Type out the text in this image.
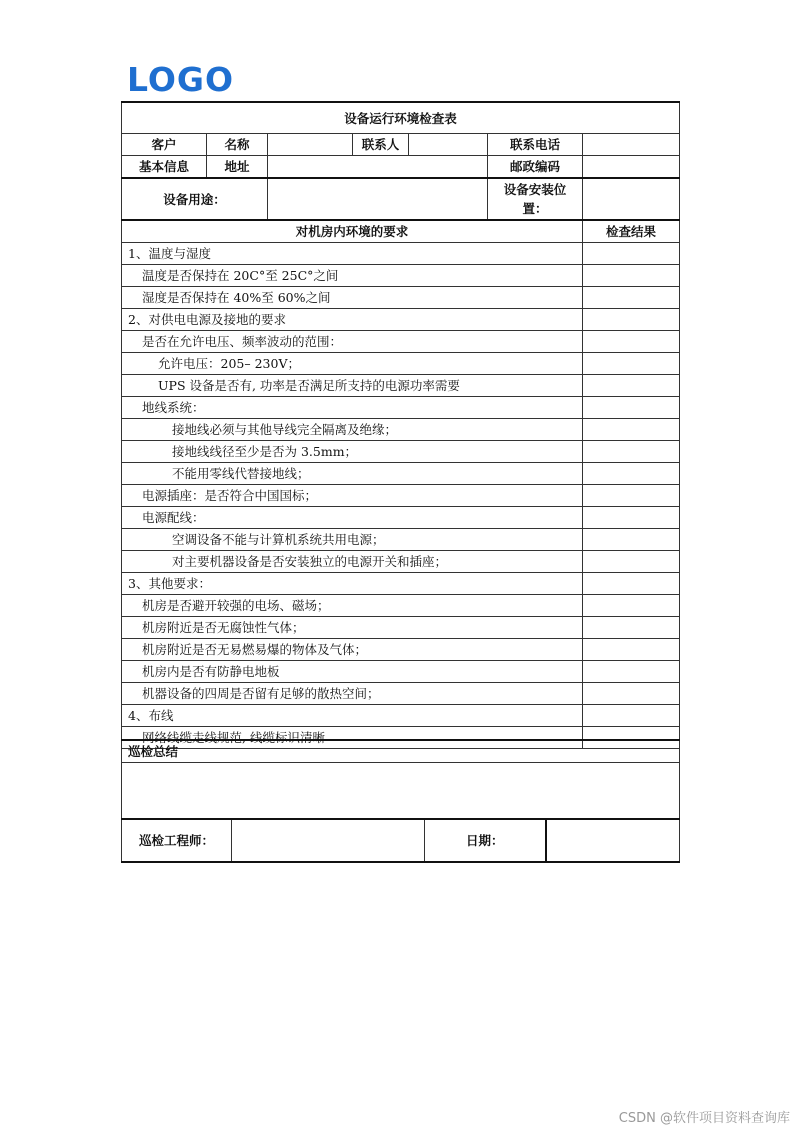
LOGO
设备运行环境检查表						
客户	名称		联系人		联系电话	
基本信息	地址				邮政编码	
设备用途：					设备安装位
置：	
对机房内环境的要求	检查结果
1、温度与湿度	
温度是否保持在 20C°至 25C°之间	
湿度是否保持在 40%至 60%之间	
2、对供电电源及接地的要求	
是否在允许电压、频率波动的范围：	
允许电压：205– 230V；	
UPS 设备是否有, 功率是否满足所支持的电源功率需要	
地线系统：	
接地线必须与其他导线完全隔离及绝缘；	
接地线线径至少是否为 3.5mm；	
不能用零线代替接地线；	
电源插座：是否符合中国国标；	
电源配线：	
空调设备不能与计算机系统共用电源；	
对主要机器设备是否安装独立的电源开关和插座；	
3、其他要求：	
机房是否避开较强的电场、磁场；	
机房附近是否无腐蚀性气体；	
机房附近是否无易燃易爆的物体及气体；	
机房内是否有防静电地板	
机器设备的四周是否留有足够的散热空间；	
4、布线	
网络线缆走线规范, 线缆标识清晰	
巡检总结

巡检工程师：		日期：	
CSDN @软件项目资料查询库
